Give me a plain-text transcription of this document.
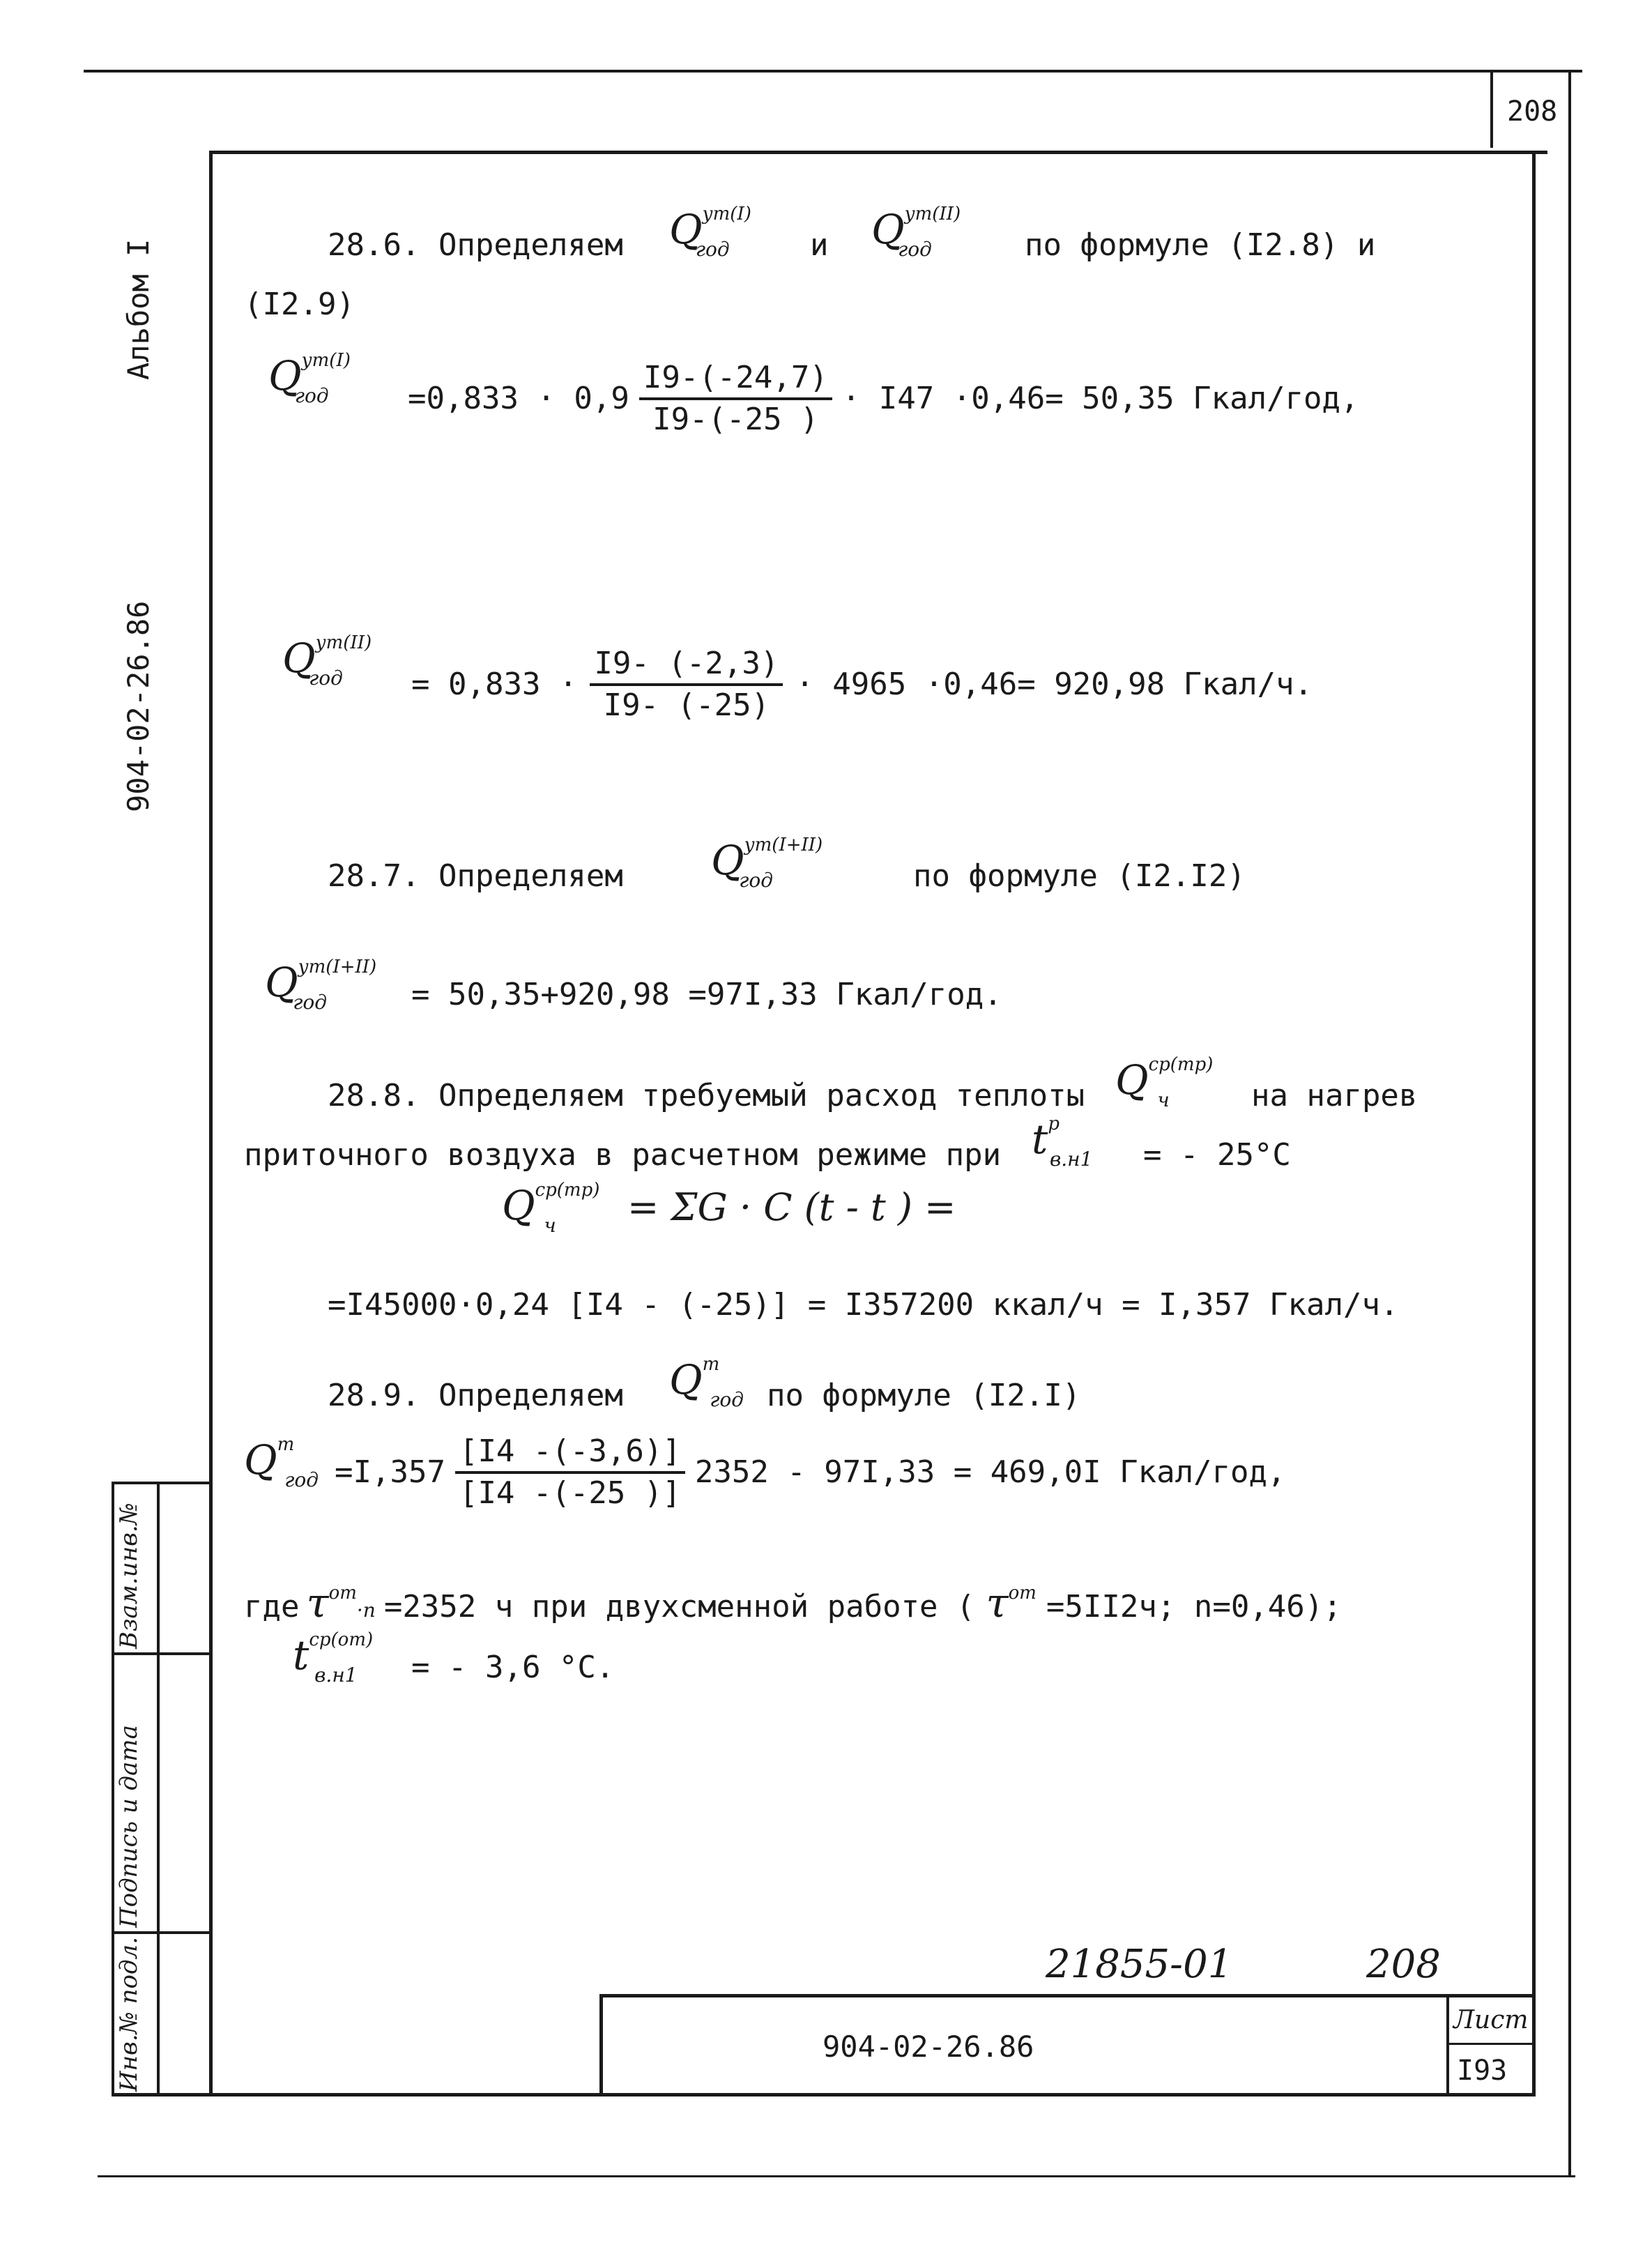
Инв.№ подл.
Подпись и дата
Взам.инв.№
208
Альбом I
904-02-26.86
28.6. Определяем Qут(I)год	и Qут(II)год	по формуле (I2.8) и
(I2.9)
Qут(I)год	$=0,833 \cdot 0,9 \frac{I9-(-24,7)}{I9-(-25 )} \cdot I47 \cdot 0,46= 50,35$ Гкал/год,
Qут(II)год	= $0,833 \cdot \frac{I9- (-2,3)}{I9- (-25)} \cdot 4965 \cdot 0,46= 920,98$ Гкал/ч.
28.7. Определяем Qут(I+II)год	по формуле (I2.I2)
Qут(I+II)год	= 50,35+920,98 =97I,33 Гкал/год.
28.8. Определяем требуемый расход теплоты Qср(тр)ч	на нагрев
приточного воздуха в расчетном режиме при tрв.н1	= - 25°С
Qср(тр)ч	= ΣG · C (t - t ) =
=I45000·0,24 [I4 - (-25)] = I357200 ккал/ч = I,357 Гкал/ч.
28.9. Определяем Qтгод по формуле (I2.I)
Qтгод $=I,357 \frac{[I4 -(-3,6)]}{[I4 -(-25 )]} 2352 - 97I,33 = 469,0I$ Гкал/год,
где τ от
·n =2352 ч при двухсменной работе ( τ от =5II2ч; n=0,46);
tср(от)в.н1	= - 3,6 °С.
21855-01	208
904-02-26.86
Лист
I93
